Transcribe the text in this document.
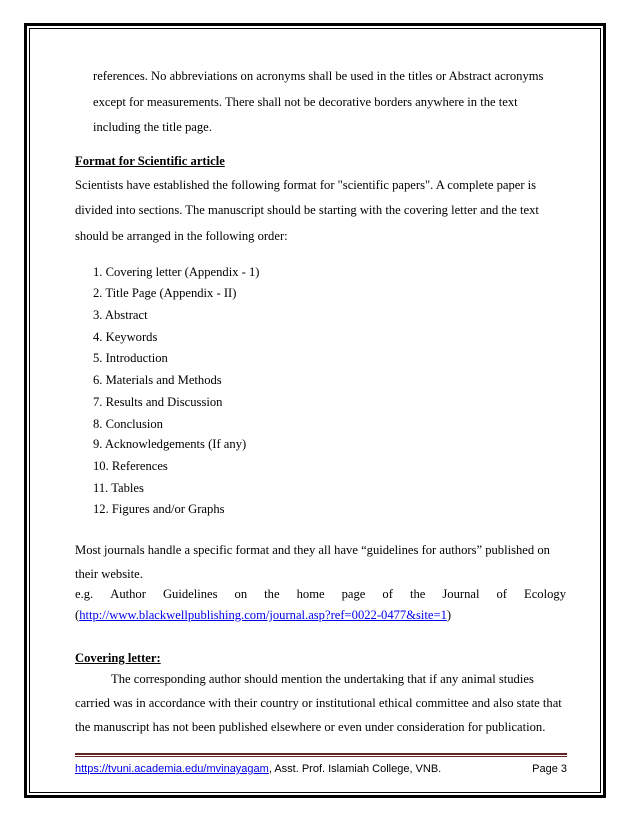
references. No abbreviations on acronyms shall be used in the titles or Abstract acronyms
except for measurements. There shall not be decorative borders anywhere in the text
including the title page.
Format for Scientific article
Scientists have established the following format for "scientific papers". A complete paper is
divided into sections. The manuscript should be starting with the covering letter and the text
should be arranged in the following order:
1. Covering letter (Appendix - 1)
2. Title Page (Appendix - II)
3. Abstract
4. Keywords
5. Introduction
6. Materials and Methods
7. Results and Discussion
8. Conclusion
9. Acknowledgements (If any)
10. References
11. Tables
12. Figures and/or Graphs
Most journals handle a specific format and they all have “guidelines for authors” published on
their website.
e.g. Author Guidelines on the home page of the Journal of Ecology
(http://www.blackwellpublishing.com/journal.asp?ref=0022-0477&site=1)
Covering letter:
The corresponding author should mention the undertaking that if any animal studies
carried was in accordance with their country or institutional ethical committee and also state that
the manuscript has not been published elsewhere or even under consideration for publication.
https://tvuni.academia.edu/mvinayagam, Asst. Prof. Islamiah College, VNB.	Page 3
